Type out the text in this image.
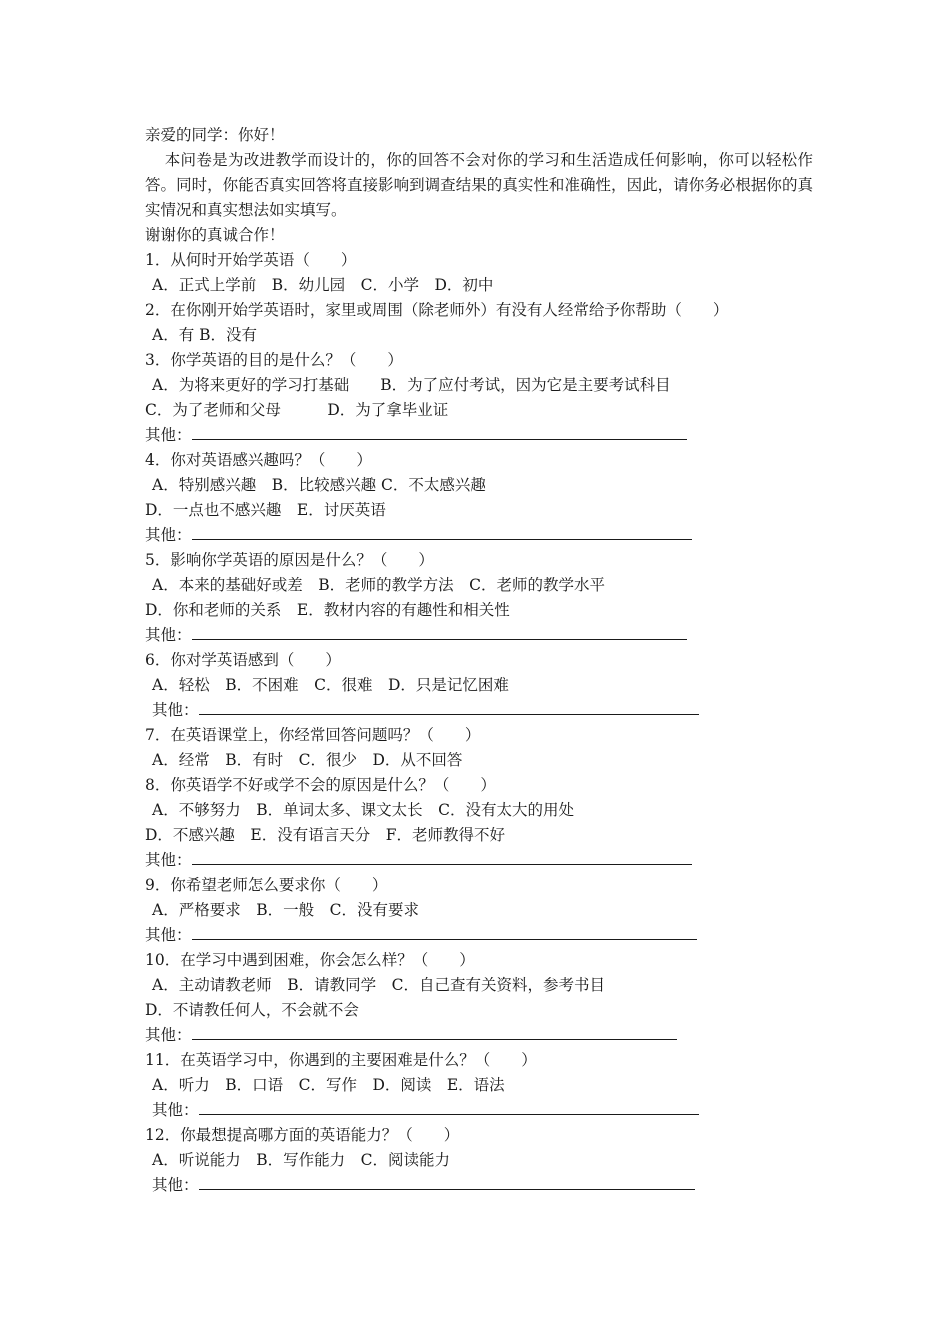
亲爱的同学：你好！
本问卷是为改进教学而设计的，你的回答不会对你的学习和生活造成任何影响，你可以轻松作答。同时，你能否真实回答将直接影响到调查结果的真实性和准确性，因此，请你务必根据你的真实情况和真实想法如实填写。
谢谢你的真诚合作！
1．从何时开始学英语（　　）
A．正式上学前　B．幼儿园　C．小学　D．初中
2．在你刚开始学英语时，家里或周围（除老师外）有没有人经常给予你帮助（　　）
A．有 B．没有
3．你学英语的目的是什么？（　　）
A．为将来更好的学习打基础　　B．为了应付考试，因为它是主要考试科目
C．为了老师和父母　　　D．为了拿毕业证
其他：
4．你对英语感兴趣吗？（　　）
A．特别感兴趣　B．比较感兴趣 C．不太感兴趣
D．一点也不感兴趣　E．讨厌英语
其他：
5．影响你学英语的原因是什么？（　　）
A．本来的基础好或差　B．老师的教学方法　C．老师的教学水平
D．你和老师的关系　E．教材内容的有趣性和相关性
其他：
6．你对学英语感到（　　）
A．轻松　B．不困难　C．很难　D．只是记忆困难
其他：
7．在英语课堂上，你经常回答问题吗？（　　）
A．经常　B．有时　C．很少　D．从不回答
8．你英语学不好或学不会的原因是什么？（　　）
A．不够努力　B．单词太多、课文太长　C．没有太大的用处
D．不感兴趣　E．没有语言天分　F．老师教得不好
其他：
9．你希望老师怎么要求你（　　）
A．严格要求　B．一般　C．没有要求
其他：
10．在学习中遇到困难，你会怎么样？（　　）
A．主动请教老师　B．请教同学　C．自己查有关资料，参考书目
D．不请教任何人，不会就不会
其他：
11．在英语学习中，你遇到的主要困难是什么？（　　）
A．听力　B．口语　C．写作　D．阅读　E．语法
其他：
12．你最想提高哪方面的英语能力？（　　）
A．听说能力　B．写作能力　C．阅读能力
其他：
